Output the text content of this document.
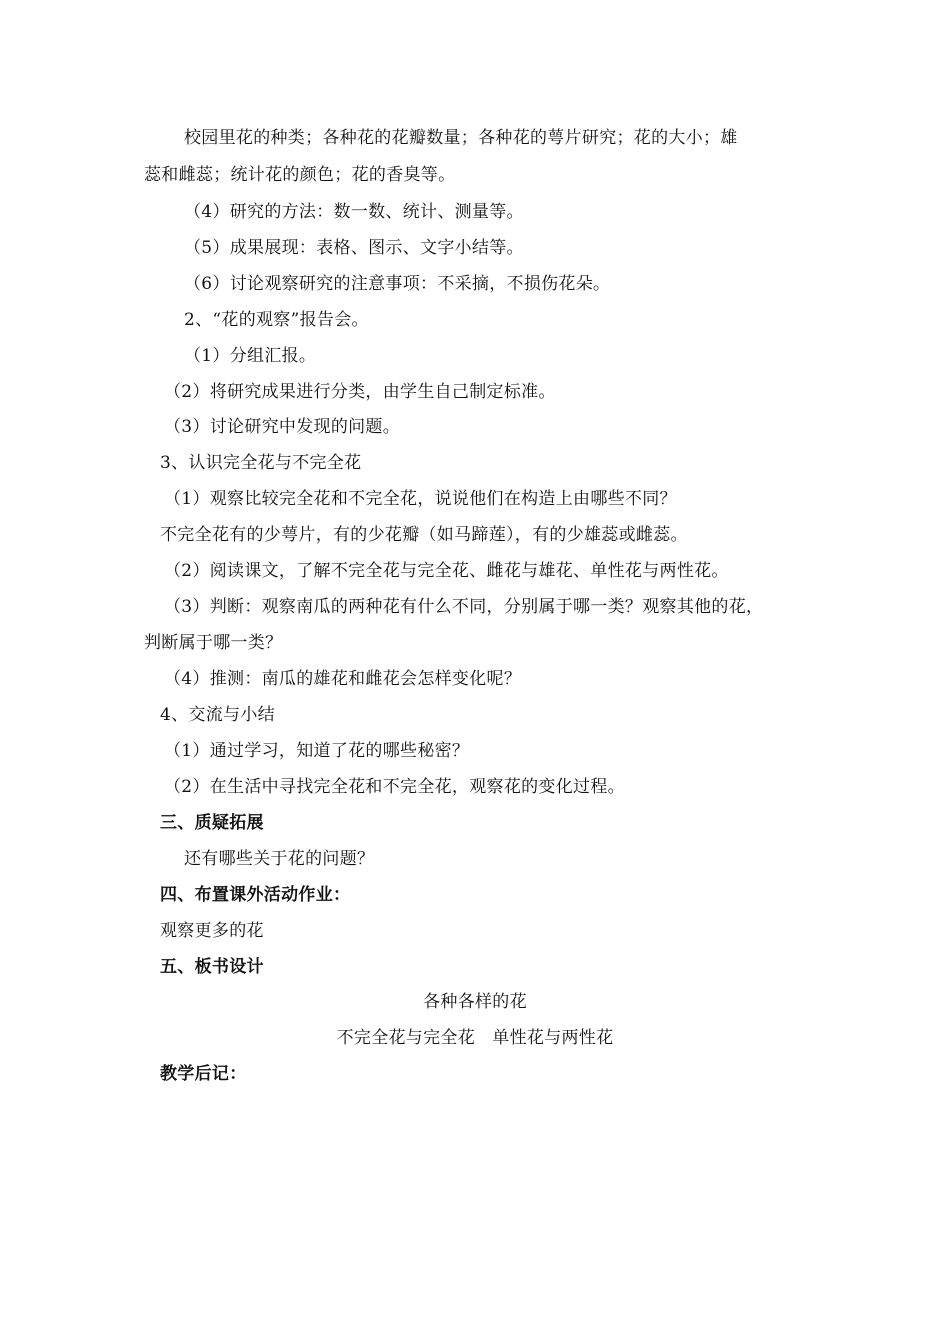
校园里花的种类；各种花的花瓣数量；各种花的萼片研究；花的大小；雄
蕊和雌蕊；统计花的颜色；花的香臭等。
（4）研究的方法：数一数、统计、测量等。
（5）成果展现：表格、图示、文字小结等。
（6）讨论观察研究的注意事项：不采摘，不损伤花朵。
2、“花的观察”报告会。
（1）分组汇报。
（2）将研究成果进行分类，由学生自己制定标准。
（3）讨论研究中发现的问题。
3、认识完全花与不完全花
（1）观察比较完全花和不完全花，说说他们在构造上由哪些不同？
不完全花有的少萼片，有的少花瓣（如马蹄莲），有的少雄蕊或雌蕊。
（2）阅读课文，了解不完全花与完全花、雌花与雄花、单性花与两性花。
（3）判断：观察南瓜的两种花有什么不同，分别属于哪一类？观察其他的花，
判断属于哪一类？
（4）推测：南瓜的雄花和雌花会怎样变化呢？
4、交流与小结
（1）通过学习，知道了花的哪些秘密？
（2）在生活中寻找完全花和不完全花，观察花的变化过程。
三、质疑拓展
还有哪些关于花的问题？
四、布置课外活动作业：
观察更多的花
五、板书设计
各种各样的花
不完全花与完全花　单性花与两性花
教学后记：
